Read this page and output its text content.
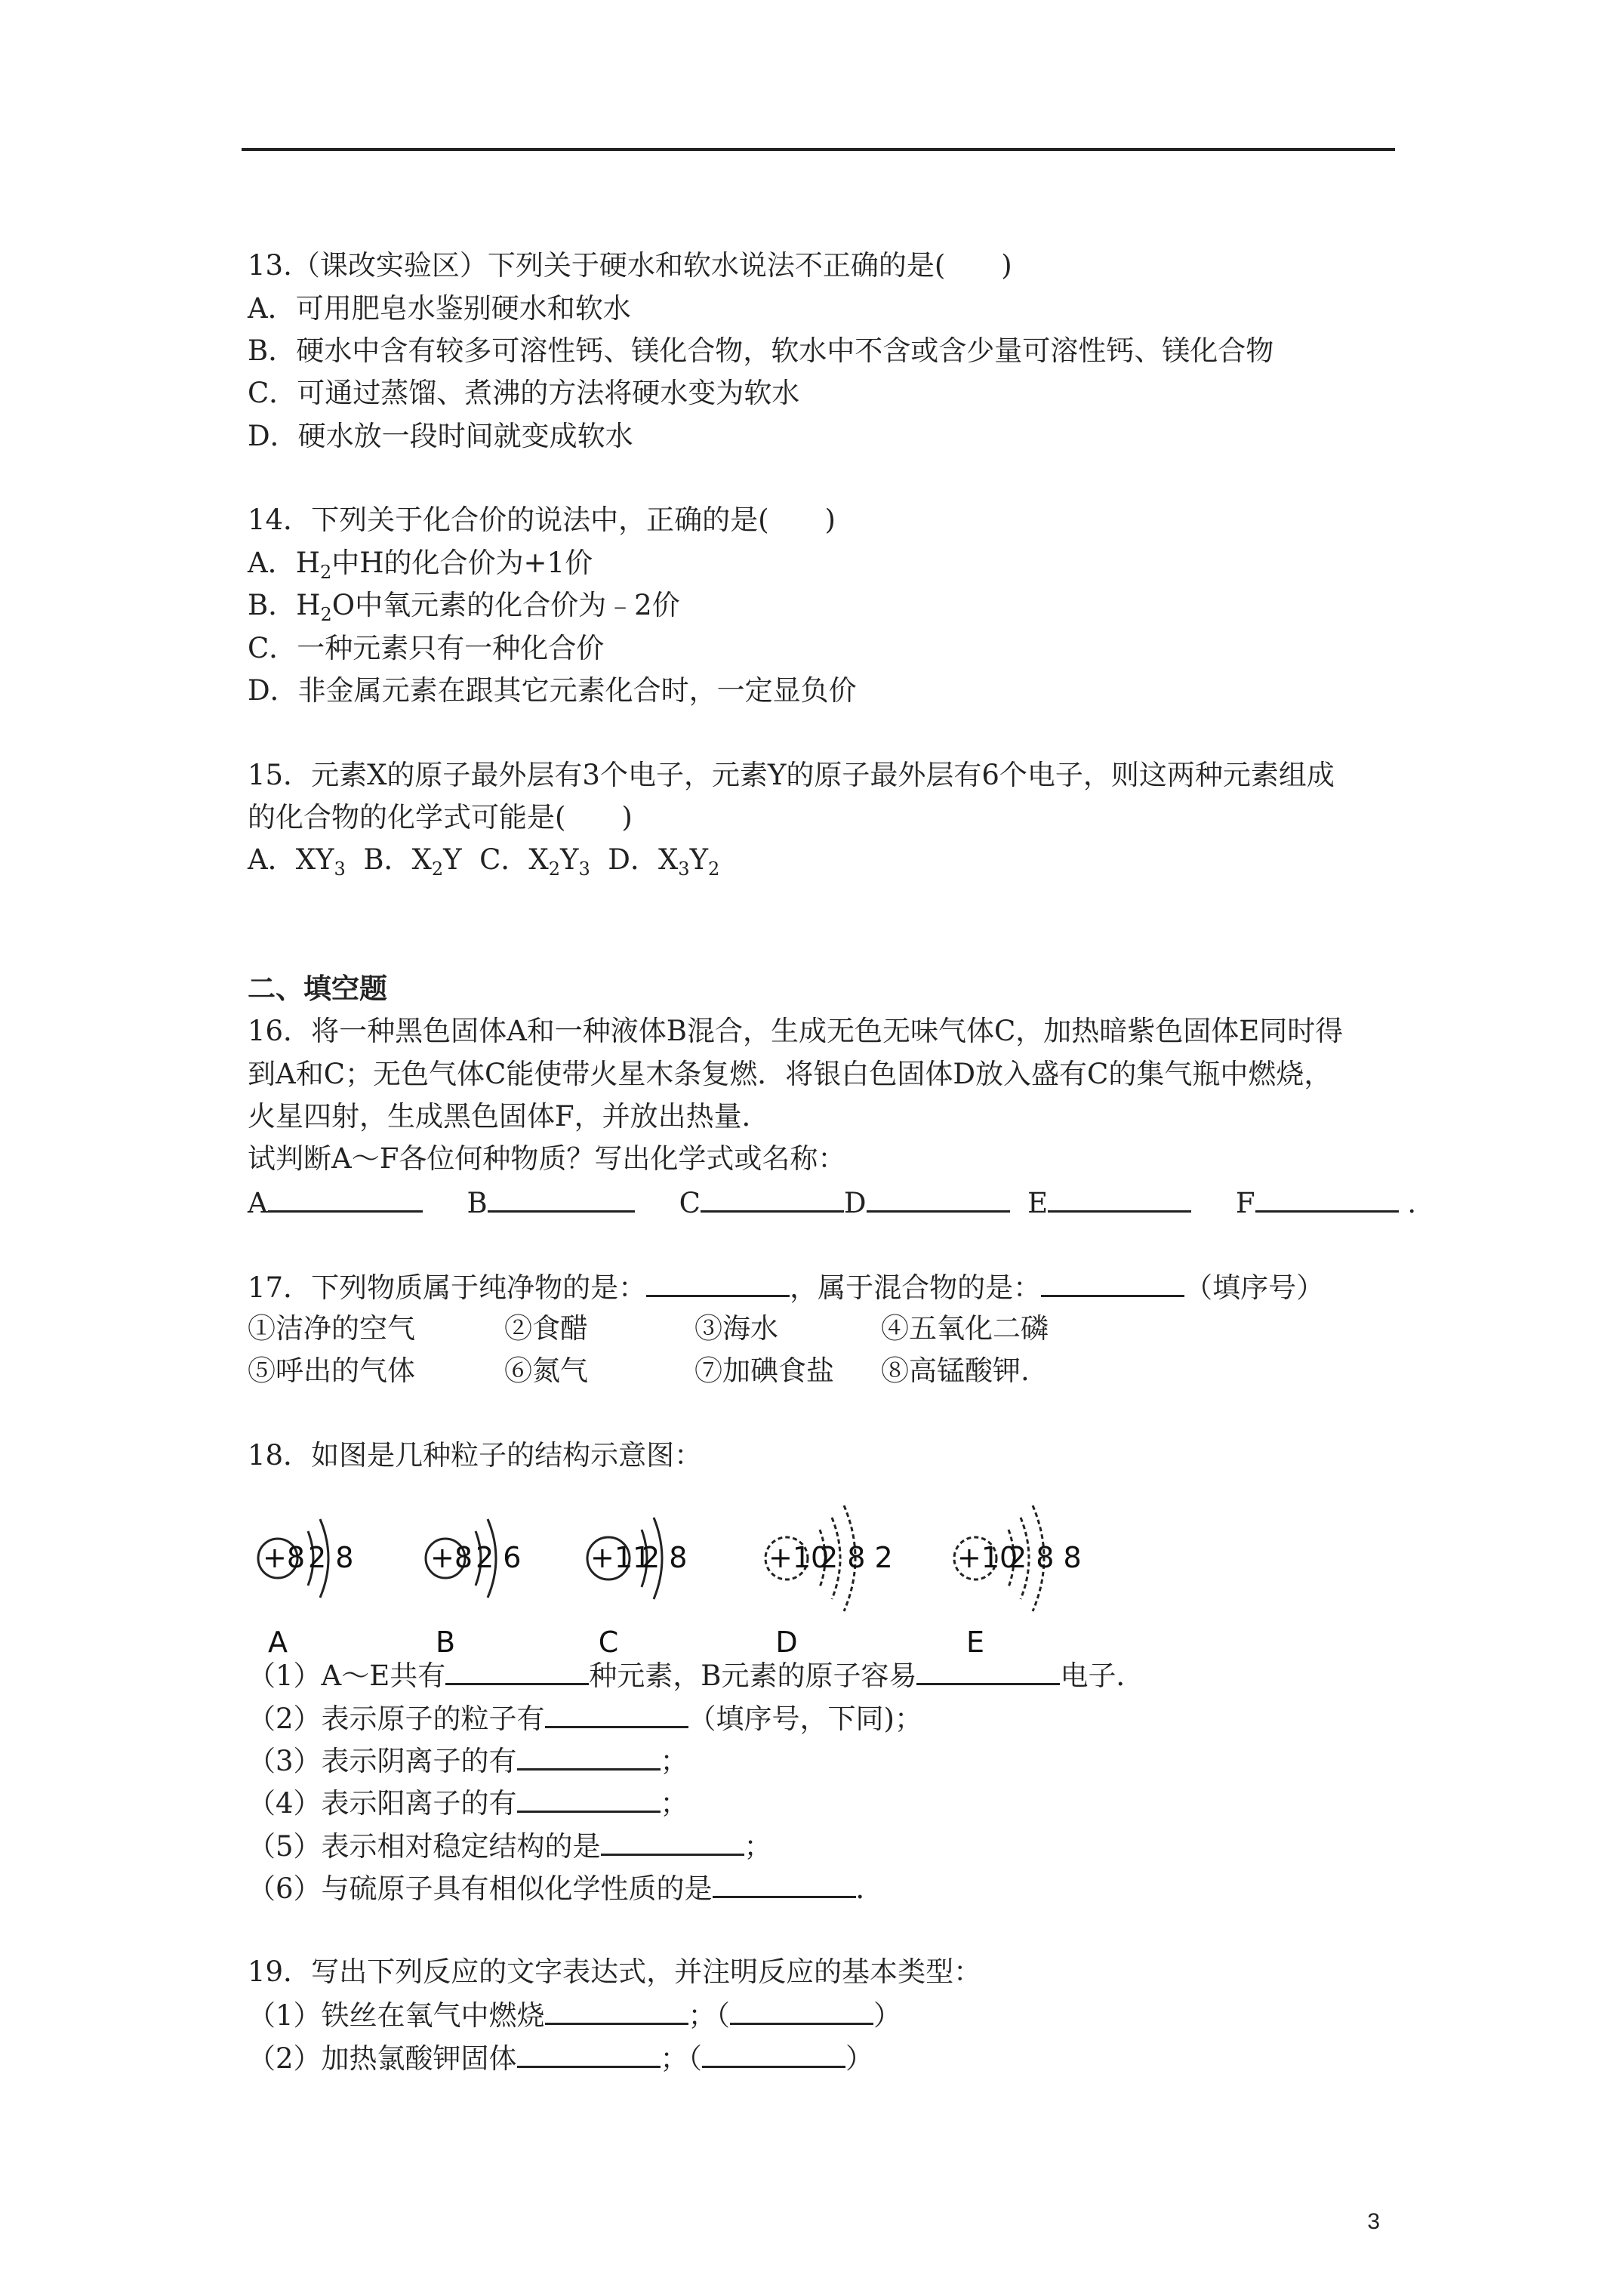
13.（课改实验区）下列关于硬水和软水说法不正确的是(　　)
A．可用肥皂水鉴别硬水和软水
B．硬水中含有较多可溶性钙、镁化合物，软水中不含或含少量可溶性钙、镁化合物
C．可通过蒸馏、煮沸的方法将硬水变为软水
D．硬水放一段时间就变成软水
14．下列关于化合价的说法中，正确的是(　　)
A．$H_2$中H的化合价为+1价
B．$H_2O$中氧元素的化合价为﹣2价
C．一种元素只有一种化合价
D．非金属元素在跟其它元素化合时，一定显负价
15．元素X的原子最外层有3个电子，元素Y的原子最外层有6个电子，则这两种元素组成
的化合物的化学式可能是(　　)
A．$XY_3$ B．$X_2Y$ C．$X_2Y_3$ D．$X_3Y_2$
二、填空题
16．将一种黑色固体A和一种液体B混合，生成无色无味气体C，加热暗紫色固体E同时得
到A和C；无色气体C能使带火星木条复燃．将银白色固体D放入盛有C的集气瓶中燃烧，
火星四射，生成黑色固体F，并放出热量．
试判断A～F各位何种物质？写出化学式或名称：
A	B	C	D	E	F	.
17．下列物质属于纯净物的是：	，属于混合物的是：	（填序号）
①洁净的空气	②食醋	③海水	④五氧化二磷
⑤呼出的气体	⑥氮气	⑦加碘食盐 ⑧高锰酸钾.
18．如图是几种粒子的结构示意图：
+8 2 8
A
+8 2 6
B
+11
2 8
C
+10
2 8 2
D
+10
2 8 8
E
（1）A～E共有	种元素，B元素的原子容易	电子．
（2）表示原子的粒子有	（填序号，下同)；
（3）表示阴离子的有	；
（4）表示阳离子的有	；
（5）表示相对稳定结构的是	；
（6）与硫原子具有相似化学性质的是	．
19．写出下列反应的文字表达式，并注明反应的基本类型：
（1）铁丝在氧气中燃烧	；（	）
（2）加热氯酸钾固体	；（	）
3
